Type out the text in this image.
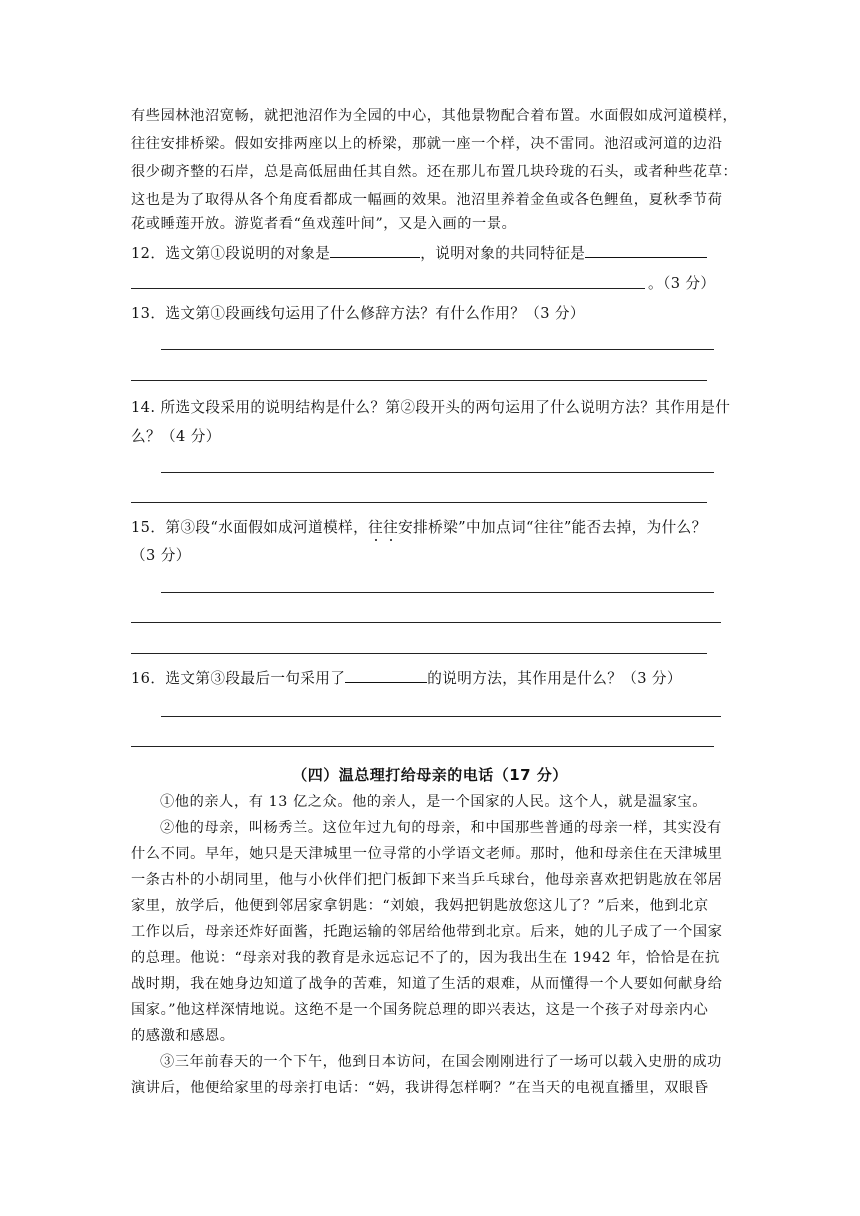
有些园林池沼宽畅，就把池沼作为全园的中心，其他景物配合着布置。水面假如成河道模样，
往往安排桥梁。假如安排两座以上的桥梁，那就一座一个样，决不雷同。池沼或河道的边沿
很少砌齐整的石岸，总是高低屈曲任其自然。还在那儿布置几块玲珑的石头，或者种些花草：
这也是为了取得从各个角度看都成一幅画的效果。池沼里养着金鱼或各色鲤鱼，夏秋季节荷
花或睡莲开放。游览者看“鱼戏莲叶间”，又是入画的一景。
12．选文第①段说明的对象是	，说明对象的共同特征是
。（3 分）
13．选文第①段画线句运用了什么修辞方法？有什么作用？（3 分）
14. 所选文段采用的说明结构是什么？第②段开头的两句运用了什么说明方法？其作用是什
么？（4 分）
15．第③段“水面假如成河道模样，往往安排桥梁”中加点词“往往”能否去掉，为什么？
（3 分）
16．选文第③段最后一句采用了	的说明方法，其作用是什么？（3 分）
（四）温总理打给母亲的电话（17 分）
①他的亲人，有 13 亿之众。他的亲人，是一个国家的人民。这个人，就是温家宝。
②他的母亲，叫杨秀兰。这位年过九旬的母亲，和中国那些普通的母亲一样，其实没有
什么不同。早年，她只是天津城里一位寻常的小学语文老师。那时，他和母亲住在天津城里
一条古朴的小胡同里，他与小伙伴们把门板卸下来当乒乓球台，他母亲喜欢把钥匙放在邻居
家里，放学后，他便到邻居家拿钥匙：“刘娘，我妈把钥匙放您这儿了？”后来，他到北京
工作以后，母亲还炸好面酱，托跑运输的邻居给他带到北京。后来，她的儿子成了一个国家
的总理。他说：“母亲对我的教育是永远忘记不了的，因为我出生在 1942 年，恰恰是在抗
战时期，我在她身边知道了战争的苦难，知道了生活的艰难，从而懂得一个人要如何献身给
国家。”他这样深情地说。这绝不是一个国务院总理的即兴表达，这是一个孩子对母亲内心
的感激和感恩。
③三年前春天的一个下午，他到日本访问，在国会刚刚进行了一场可以载入史册的成功
演讲后，他便给家里的母亲打电话：“妈，我讲得怎样啊？”在当天的电视直播里，双眼昏
